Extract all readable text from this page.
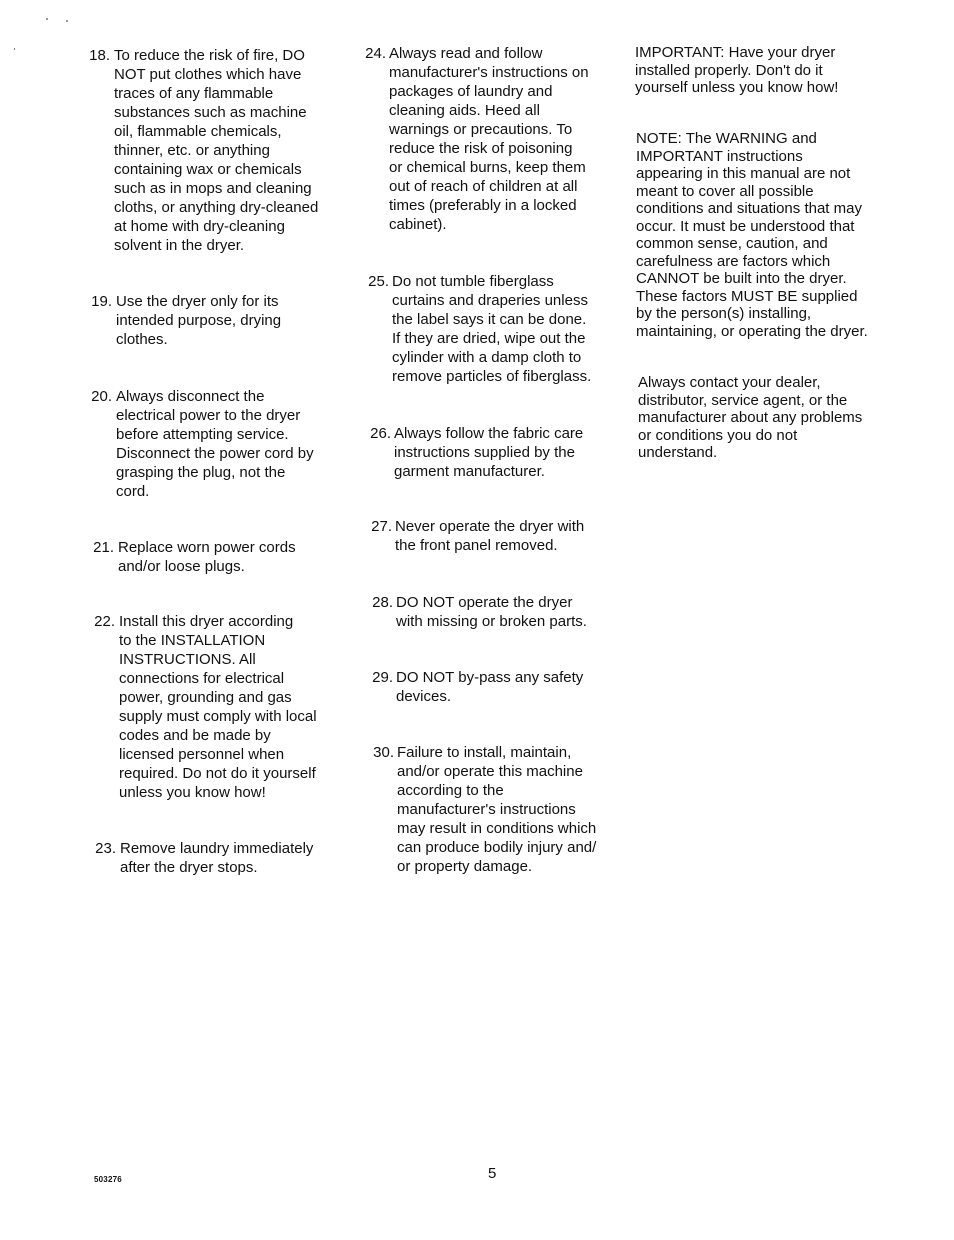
18. To reduce the risk of fire, DO
NOT put clothes which have
traces of any flammable
substances such as machine
oil, flammable chemicals,
thinner, etc. or anything
containing wax or chemicals
such as in mops and cleaning
cloths, or anything dry-cleaned
at home with dry-cleaning
solvent in the dryer.
19. Use the dryer only for its
intended purpose, drying
clothes.
20. Always disconnect the
electrical power to the dryer
before attempting service.
Disconnect the power cord by
grasping the plug, not the
cord.
21. Replace worn power cords
and/or loose plugs.
22. Install this dryer according
to the INSTALLATION
INSTRUCTIONS. All
connections for electrical
power, grounding and gas
supply must comply with local
codes and be made by
licensed personnel when
required. Do not do it yourself
unless you know how!
23. Remove laundry immediately
after the dryer stops.
24. Always read and follow
manufacturer's instructions on
packages of laundry and
cleaning aids. Heed all
warnings or precautions. To
reduce the risk of poisoning
or chemical burns, keep them
out of reach of children at all
times (preferably in a locked
cabinet).
25. Do not tumble fiberglass
curtains and draperies unless
the label says it can be done.
If they are dried, wipe out the
cylinder with a damp cloth to
remove particles of fiberglass.
26. Always follow the fabric care
instructions supplied by the
garment manufacturer.
27. Never operate the dryer with
the front panel removed.
28. DO NOT operate the dryer
with missing or broken parts.
29. DO NOT by-pass any safety
devices.
30. Failure to install, maintain,
and/or operate this machine
according to the
manufacturer's instructions
may result in conditions which
can produce bodily injury and/
or property damage.
IMPORTANT: Have your dryer
installed properly. Don't do it
yourself unless you know how!
NOTE: The WARNING and
IMPORTANT instructions
appearing in this manual are not
meant to cover all possible
conditions and situations that may
occur. It must be understood that
common sense, caution, and
carefulness are factors which
CANNOT be built into the dryer.
These factors MUST BE supplied
by the person(s) installing,
maintaining, or operating the dryer.
Always contact your dealer,
distributor, service agent, or the
manufacturer about any problems
or conditions you do not
understand.
503276	5
